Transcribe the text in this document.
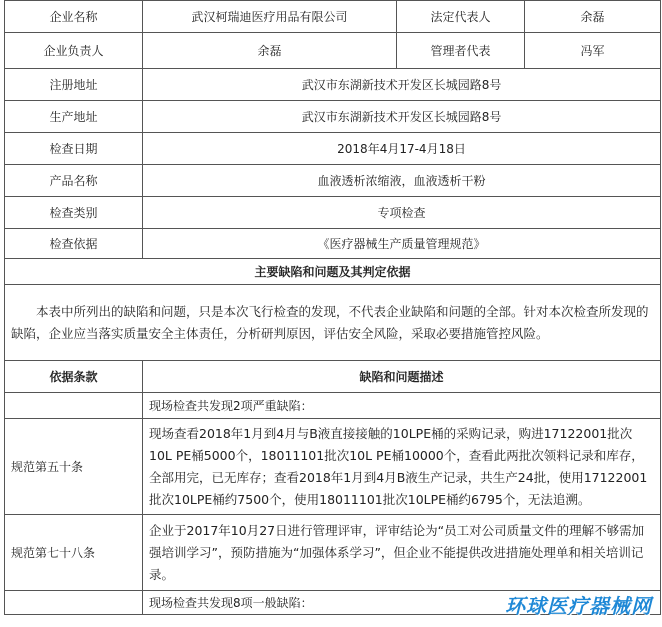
企业名称	武汉柯瑞迪医疗用品有限公司	法定代表人	余磊
企业负责人	余磊	管理者代表	冯军
注册地址	武汉市东湖新技术开发区长城园路8号		
生产地址	武汉市东湖新技术开发区长城园路8号		
检查日期	2018年4月17-4月18日		
产品名称	血液透析浓缩液，血液透析干粉		
检查类别	专项检查		
检查依据	《医疗器械生产质量管理规范》		
主要缺陷和问题及其判定依据			
本表中所列出的缺陷和问题，只是本次飞行检查的发现，不代表企业缺陷和问题的全部。针对本次检查所发现的缺陷，企业应当落实质量安全主体责任，分析研判原因，评估安全风险，采取必要措施管控风险。			
依据条款	缺陷和问题描述		
	现场检查共发现2项严重缺陷：		
规范第五十条	现场查看2018年1月到4月与B液直接接触的10LPE桶的采购记录，购进17122001批次10L PE桶5000个，18011101批次10L PE桶10000个，查看此两批次领料记录和库存，全部用完，已无库存；查看2018年1月到4月B液生产记录，共生产24批，使用17122001批次10LPE桶约7500个，使用18011101批次10LPE桶约6795个，无法追溯。		
规范第七十八条	企业于2017年10月27日进行管理评审，评审结论为“员工对公司质量文件的理解不够需加强培训学习”，预防措施为“加强体系学习”，但企业不能提供改进措施处理单和相关培训记录。		
	现场检查共发现8项一般缺陷：			环球医疗器械网
